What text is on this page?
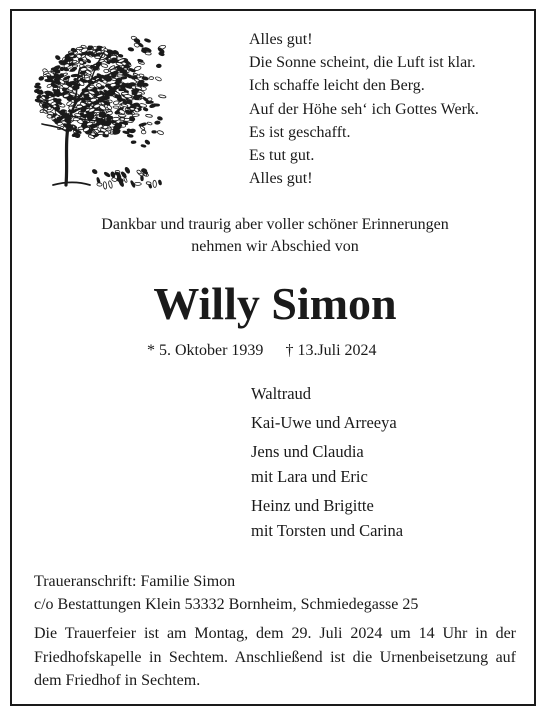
Alles gut!
Die Sonne scheint, die Luft ist klar.
Ich schaffe leicht den Berg.
Auf der Höhe seh‘ ich Gottes Werk.
Es ist geschafft.
Es tut gut.
Alles gut!
Dankbar und traurig aber voller schöner Erinnerungen
nehmen wir Abschied von
Willy Simon
* 5. Oktober 1939 † 13.Juli 2024
Waltraud
Kai-Uwe und Arreeya
Jens und Claudia
mit Lara und Eric
Heinz und Brigitte
mit Torsten und Carina
Traueranschrift: Familie Simon
c/o Bestattungen Klein 53332 Bornheim, Schmiedegasse 25
Die Trauerfeier ist am Montag, dem 29. Juli 2024 um 14 Uhr in der Friedhofskapelle in Sechtem. Anschließend ist die Urnenbeisetzung auf dem Friedhof in Sechtem.
